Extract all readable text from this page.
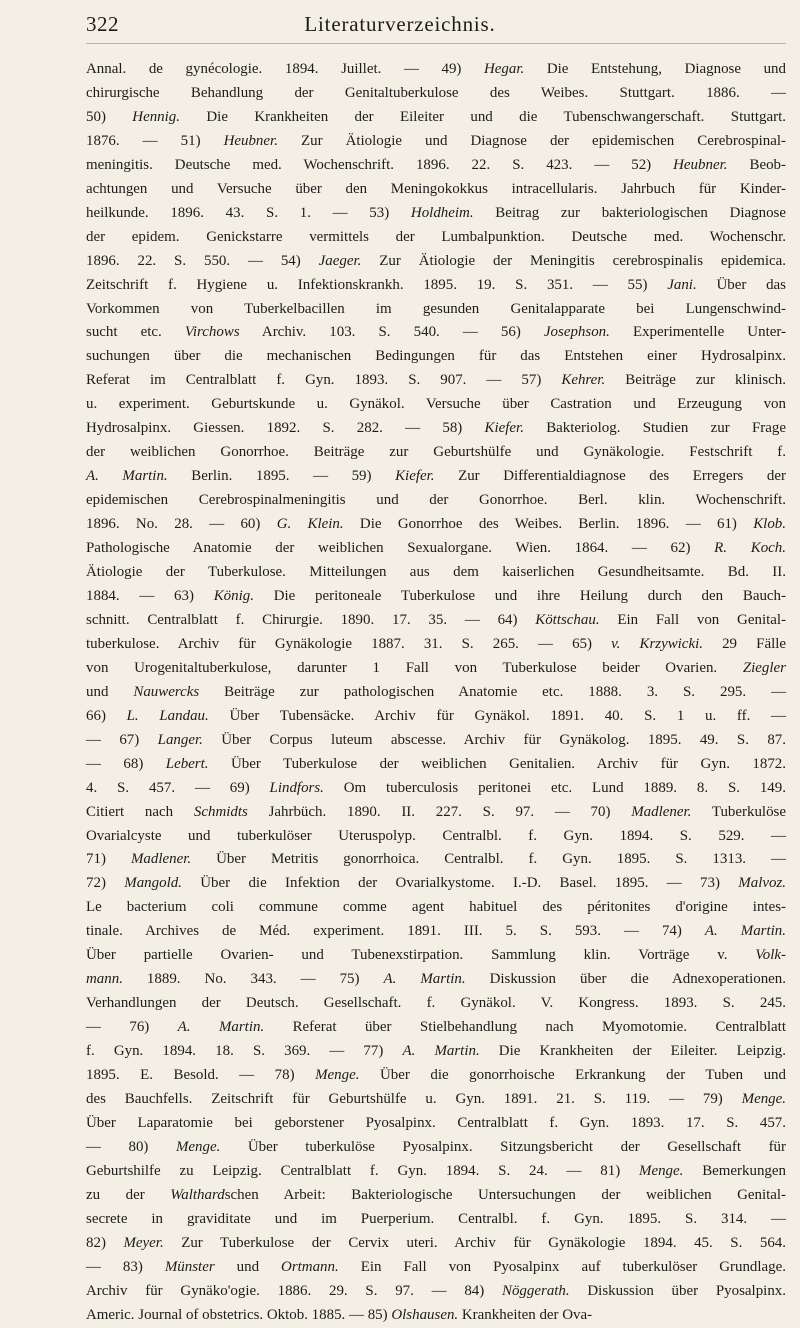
322	Literaturverzeichnis.
Annal. de gynécologie. 1894. Juillet. — 49) Hegar. Die Entstehung, Diagnose und
chirurgische Behandlung der Genitaltuberkulose des Weibes. Stuttgart. 1886. —
50) Hennig. Die Krankheiten der Eileiter und die Tubenschwangerschaft. Stuttgart.
1876. — 51) Heubner. Zur Ätiologie und Diagnose der epidemischen Cerebrospinal-
meningitis. Deutsche med. Wochenschrift. 1896. 22. S. 423. — 52) Heubner. Beob-
achtungen und Versuche über den Meningokokkus intracellularis. Jahrbuch für Kinder-
heilkunde. 1896. 43. S. 1. — 53) Holdheim. Beitrag zur bakteriologischen Diagnose
der epidem. Genickstarre vermittels der Lumbalpunktion. Deutsche med. Wochenschr.
1896. 22. S. 550. — 54) Jaeger. Zur Ätiologie der Meningitis cerebrospinalis epidemica.
Zeitschrift f. Hygiene u. Infektionskrankh. 1895. 19. S. 351. — 55) Jani. Über das
Vorkommen von Tuberkelbacillen im gesunden Genitalapparate bei Lungenschwind-
sucht etc. Virchows Archiv. 103. S. 540. — 56) Josephson. Experimentelle Unter-
suchungen über die mechanischen Bedingungen für das Entstehen einer Hydrosalpinx.
Referat im Centralblatt f. Gyn. 1893. S. 907. — 57) Kehrer. Beiträge zur klinisch.
u. experiment. Geburtskunde u. Gynäkol. Versuche über Castration und Erzeugung von
Hydrosalpinx. Giessen. 1892. S. 282. — 58) Kiefer. Bakteriolog. Studien zur Frage
der weiblichen Gonorrhoe. Beiträge zur Geburtshülfe und Gynäkologie. Festschrift f.
A. Martin. Berlin. 1895. — 59) Kiefer. Zur Differentialdiagnose des Erregers der
epidemischen Cerebrospinalmeningitis und der Gonorrhoe. Berl. klin. Wochenschrift.
1896. No. 28. — 60) G. Klein. Die Gonorrhoe des Weibes. Berlin. 1896. — 61) Klob.
Pathologische Anatomie der weiblichen Sexualorgane. Wien. 1864. — 62) R. Koch.
Ätiologie der Tuberkulose. Mitteilungen aus dem kaiserlichen Gesundheitsamte. Bd. II.
1884. — 63) König. Die peritoneale Tuberkulose und ihre Heilung durch den Bauch-
schnitt. Centralblatt f. Chirurgie. 1890. 17. 35. — 64) Köttschau. Ein Fall von Genital-
tuberkulose. Archiv für Gynäkologie 1887. 31. S. 265. — 65) v. Krzywicki. 29 Fälle
von Urogenitaltuberkulose, darunter 1 Fall von Tuberkulose beider Ovarien. Ziegler
und Nauwercks Beiträge zur pathologischen Anatomie etc. 1888. 3. S. 295. —
66) L. Landau. Über Tubensäcke. Archiv für Gynäkol. 1891. 40. S. 1 u. ff. —
— 67) Langer. Über Corpus luteum abscesse. Archiv für Gynäkolog. 1895. 49. S. 87.
— 68) Lebert. Über Tuberkulose der weiblichen Genitalien. Archiv für Gyn. 1872.
4. S. 457. — 69) Lindfors. Om tuberculosis peritonei etc. Lund 1889. 8. S. 149.
Citiert nach Schmidts Jahrbüch. 1890. II. 227. S. 97. — 70) Madlener. Tuberkulöse
Ovarialcyste und tuberkulöser Uteruspolyp. Centralbl. f. Gyn. 1894. S. 529. —
71) Madlener. Über Metritis gonorrhoica. Centralbl. f. Gyn. 1895. S. 1313. —
72) Mangold. Über die Infektion der Ovarialkystome. I.-D. Basel. 1895. — 73) Malvoz.
Le bacterium coli commune comme agent habituel des péritonites d'origine intes-
tinale. Archives de Méd. experiment. 1891. III. 5. S. 593. — 74) A. Martin.
Über partielle Ovarien- und Tubenexstirpation. Sammlung klin. Vorträge v. Volk-
mann. 1889. No. 343. — 75) A. Martin. Diskussion über die Adnexoperationen.
Verhandlungen der Deutsch. Gesellschaft. f. Gynäkol. V. Kongress. 1893. S. 245.
— 76) A. Martin. Referat über Stielbehandlung nach Myomotomie. Centralblatt
f. Gyn. 1894. 18. S. 369. — 77) A. Martin. Die Krankheiten der Eileiter. Leipzig.
1895. E. Besold. — 78) Menge. Über die gonorrhoische Erkrankung der Tuben und
des Bauchfells. Zeitschrift für Geburtshülfe u. Gyn. 1891. 21. S. 119. — 79) Menge.
Über Laparatomie bei geborstener Pyosalpinx. Centralblatt f. Gyn. 1893. 17. S. 457.
— 80) Menge. Über tuberkulöse Pyosalpinx. Sitzungsbericht der Gesellschaft für
Geburtshilfe zu Leipzig. Centralblatt f. Gyn. 1894. S. 24. — 81) Menge. Bemerkungen
zu der Walthardschen Arbeit: Bakteriologische Untersuchungen der weiblichen Genital-
secrete in graviditate und im Puerperium. Centralbl. f. Gyn. 1895. S. 314. —
82) Meyer. Zur Tuberkulose der Cervix uteri. Archiv für Gynäkologie 1894. 45. S. 564.
— 83) Münster und Ortmann. Ein Fall von Pyosalpinx auf tuberkulöser Grundlage.
Archiv für Gynäko'ogie. 1886. 29. S. 97. — 84) Nöggerath. Diskussion über Pyosalpinx.
Americ. Journal of obstetrics. Oktob. 1885. — 85) Olshausen. Krankheiten der Ova-
